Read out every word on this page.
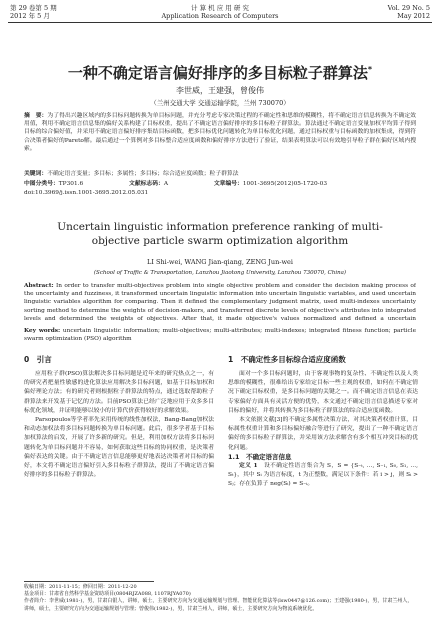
第 29 卷第 5 期
2012 年 5 月
计 算 机 应 用 研 究
Application Research of Computers
Vol. 29 No. 5
May 2012
一种不确定语言偏好排序的多目标粒子群算法*
李世威，王建强，曾俊伟
（兰州交通大学 交通运输学院，兰州 730070）
摘　要：为了得出兴趣区域内的多目标问题转换为单目标问题，并充分考虑专家决策过程的不确定性和思维的模糊性，将不确定语言信息转换为不确定效用值，利用不确定语言信息集的偏好关系构建了目标权重，提出了不确定语言偏好排序的多目标粒子群算法。算法通过不确定语言变量加权平均算子得到目标的综合偏好值，并采用不确定语言偏好排序集结目标函数，把多目标优化问题转化为单目标优化问题，通过目标权重与目标函数的加权集成，得到符合决策者偏好的Pareto解。最后通过一个算例对多目标整合适应度函数和偏好排序方法进行了验证，结果表明算法可以有效地引导粒子群在偏好区域内搜索。
关键词：不确定语言变量；多目标；多属性；多目标；综合适应度函数；粒子群算法
中图分类号：TP301.6	文献标志码：A	文章编号：1001-3695(2012)05-1720-03
doi:10.3969/j.issn.1001-3695.2012.05.031
Uncertain linguistic information preference ranking of multi-objective particle swarm optimization algorithm
LI Shi-wei, WANG Jian-qiang, ZENG Jun-wei
(School of Traffic & Transportation, Lanzhou Jiaotong University, Lanzhou 730070, China)
Abstract: In order to transfer multi-objectives problem into single objective problem and consider the decision making process of the uncertainty and fuzziness, it transformed uncertain linguistic information into uncertain linguistic variables, and used uncertain linguistic variables algorithm for comparing. Then it defined the complementary judgment matrix, used multi-indexes uncertainty sorting method to determine the weights of decision-makers, and transferred discrete levels of objective's attributes into integrated levels and determined the weights of objectives. After that, it made objective's values normalized and defined a uncertain
Key words: uncertain linguistic information; multi-objectives; multi-attributes; multi-indexes; integrated fitness function; particle swarm optimization (PSO) algorithm
0　引言	1　不确定性多目标综合适应度函数

应用粒子群(PSO)算法解决多目标问题是近年来的研究热点之一，有的研究者把量性敏感的进化算法应用解决多目标问题，如基于目标加权和偏好理论方法；有的研究者则根据粒子群算法的特点，通过选取帮助粒子群算法来开发基于记忆的方法。目前PSO算法已经广泛地应用于众多多目标优化领域，并证明能够以较小的计算代价获得较好的求解效果。

Parsopoulos等学者率先采用传统的线性加权法，Bang-Bang加权法和动态加权法将多目标问题转换为单目标问题。此后，很多学者基于目标加权算法的启发，开展了许多新的研究。但是，利用加权方法将多目标问题转化为单目标问题并不容易，如何获取这些目标的协同权重，是决策者偏好表达的关键。由于不确定语言信息能够更好地表达决策者对目标的偏好，本文将不确定语言偏好引入多目标粒子群算法，提出了不确定语言偏好排序的多目标粒子群算法。

面对一个多目标问题时，由于客观事物的复杂性、不确定性以及人类思维的模糊性，很难给出专家给定目标一些主观的权重，如何在不确定情况下确定目标权重，是多目标问题的关键之一。而不确定语言信息在表达专家偏好方面具有灵活方便的优势，本文通过不确定语言信息描述专家对目标的偏好，并将其转换为多目标粒子群算法的综合适应度函数。

本文依据文献[3]的不确定多属性决策方法，对其决策者权重计算，目标属性权重计算和多目标偏好融合等进行了研究，提出了一种不确定语言偏好的多目标粒子群算法，并采用该方法求解含有多个相互冲突目标的优化问题。

1.1　不确定语言信息

定义 1　 设不确定性语言集合为 S，S = {S₋ₜ, …, S₋₁, S₀, S₁, …, Sₜ}，其中 Sᵢ 为语言标度，t 为正整数，满足以下条件：若 i > j，则 Sᵢ > Sⱼ；存在负算子 neg(Sᵢ) = S₋ᵢ。

收稿日期：2011-11-15；修回日期：2011-12-20

基金项目：甘肃省自然科学基金资助项目(0804RJZA088, 1107RJYA070)

作者简介：李世威(1981-)，男，甘肃白银人，讲师，硕士，主要研究方向为交通运输规划与管理、智能优化算法等(lsw0447@126.com)；王建强(1980-)，男，甘肃兰州人，讲师，硕士，主要研究方向为交通运输规划与管理；曾俊伟(1982-)，男，甘肃兰州人，讲师，硕士，主要研究方向为物流系统优化。
